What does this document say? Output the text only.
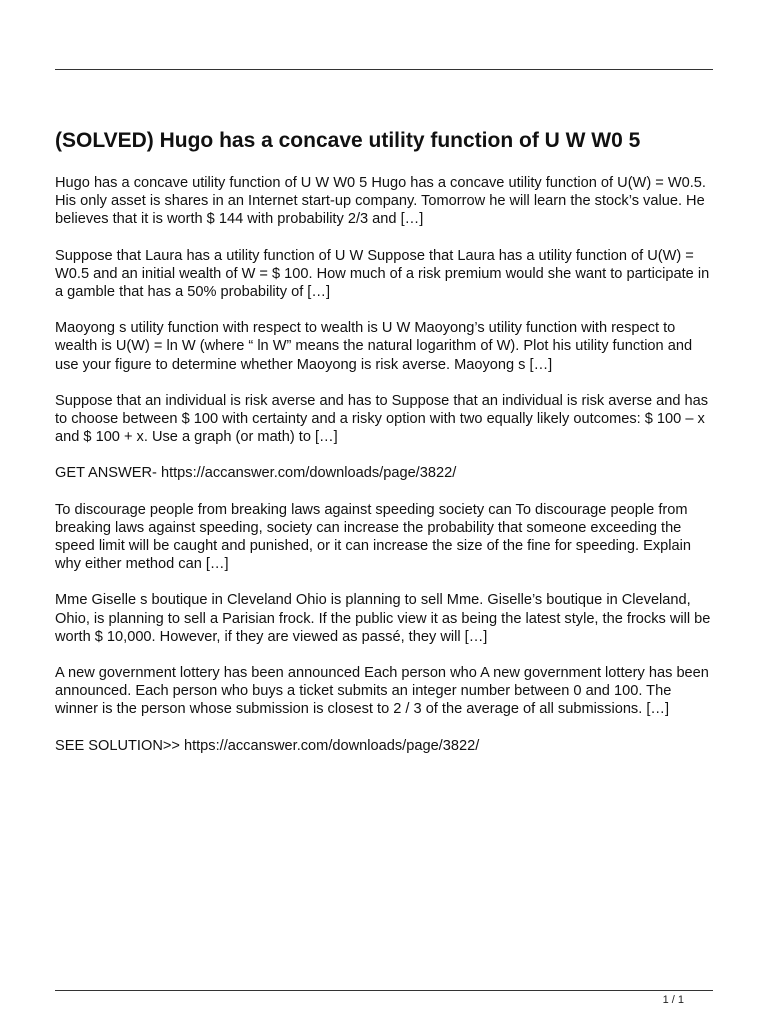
(SOLVED) Hugo has a concave utility function of U W W0 5

Hugo has a concave utility function of U W W0 5 Hugo has a concave utility function of U(W) = W0.5. His only asset is shares in an Internet start-up company. Tomorrow he will learn the stock’s value. He believes that it is worth $ 144 with probability 2/3 and […]

Suppose that Laura has a utility function of U W Suppose that Laura has a utility function of U(W) = W0.5 and an initial wealth of W = $ 100. How much of a risk premium would she want to participate in a gamble that has a 50% probability of […]

Maoyong s utility function with respect to wealth is U W Maoyong’s utility function with respect to wealth is U(W) = ln W (where “ ln W” means the natural logarithm of W). Plot his utility function and use your figure to determine whether Maoyong is risk averse. Maoyong s […]

Suppose that an individual is risk averse and has to Suppose that an individual is risk averse and has to choose between $ 100 with certainty and a risky option with two equally likely outcomes: $ 100 – x and $ 100 + x. Use a graph (or math) to […]

GET ANSWER- https://accanswer.com/downloads/page/3822/

To discourage people from breaking laws against speeding society can To discourage people from breaking laws against speeding, society can increase the probability that someone exceeding the speed limit will be caught and punished, or it can increase the size of the fine for speeding. Explain why either method can […]

Mme Giselle s boutique in Cleveland Ohio is planning to sell Mme. Giselle’s boutique in Cleveland, Ohio, is planning to sell a Parisian frock. If the public view it as being the latest style, the frocks will be worth $ 10,000. However, if they are viewed as passé, they will […]

A new government lottery has been announced Each person who A new government lottery has been announced. Each person who buys a ticket submits an integer number between 0 and 100. The winner is the person whose submission is closest to 2 / 3 of the average of all submissions. […]

SEE SOLUTION>> https://accanswer.com/downloads/page/3822/

1 / 1
